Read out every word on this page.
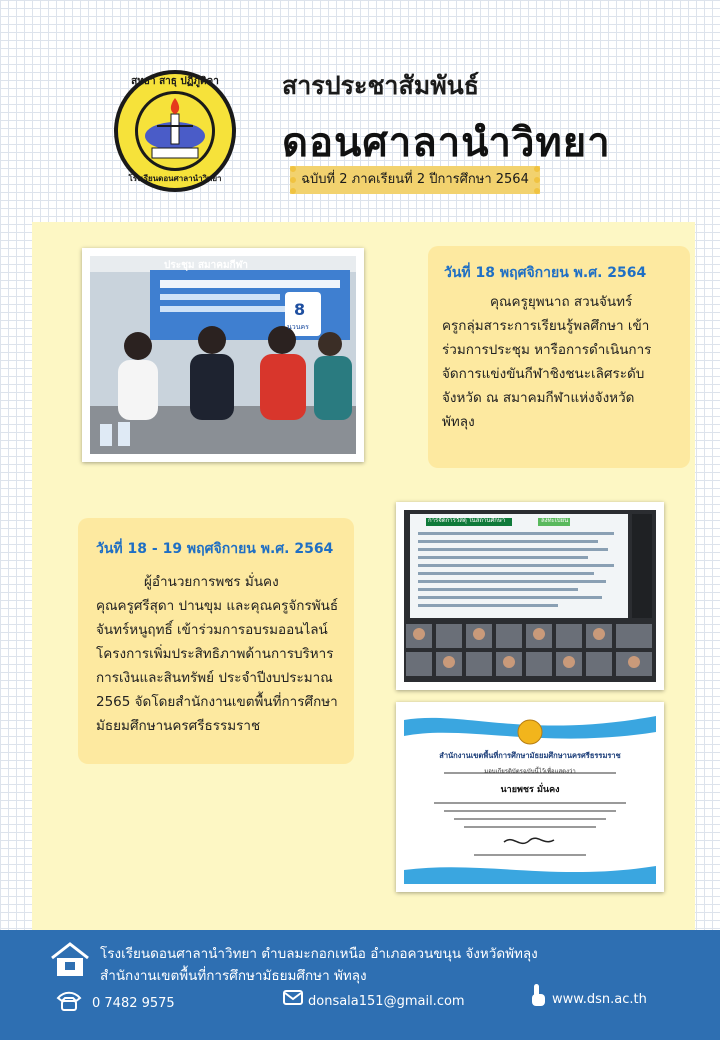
สุทธา สาธุ ปฏิภูติคา
โรงเรียนดอนศาลานำวิทยา
สารประชาสัมพันธ์
ดอนศาลานำวิทยา
ฉบับที่ 2 ภาคเรียนที่ 2 ปีการศึกษา 2564
ประชุม สมาคมกีฬา
8
นวนคร
วันที่ 18 พฤศจิกายน พ.ศ. 2564
คุณครูยุพนาถ สวนจันทร์
ครูกลุ่มสาระการเรียนรู้พลศึกษา เข้า
ร่วมการประชุม หารือการดำเนินการ
จัดการแข่งขันกีฬาชิงชนะเลิศระดับ
จังหวัด ณ สมาคมกีฬาแห่งจังหวัด
พัทลุง
วันที่ 18 - 19 พฤศจิกายน พ.ศ. 2564
ผู้อำนวยการพชร มั่นคง
คุณครูศรีสุดา ปานขุม และคุณครูจักรพันธ์
จันทร์หนูฤทธิ์ เข้าร่วมการอบรมออนไลน์
โครงการเพิ่มประสิทธิภาพด้านการบริหาร
การเงินและสินทรัพย์ ประจำปีงบประมาณ
2565 จัดโดยสำนักงานเขตพื้นที่การศึกษา
มัธยมศึกษานครศรีธรรมราช
การจัดการวัสดุ ในสถานศึกษา	ลงทะเบียน
สำนักงานเขตพื้นที่การศึกษามัธยมศึกษานครศรีธรรมราช
มอบเกียรติบัตรฉบับนี้ไว้เพื่อแสดงว่า
นายพชร มั่นคง
โรงเรียนดอนศาลานำวิทยา ตำบลมะกอกเหนือ อำเภอควนขนุน จังหวัดพัทลุง
สำนักงานเขตพื้นที่การศึกษามัธยมศึกษา พัทลุง
0 7482 9575	donsala151@gmail.com	www.dsn.ac.th
